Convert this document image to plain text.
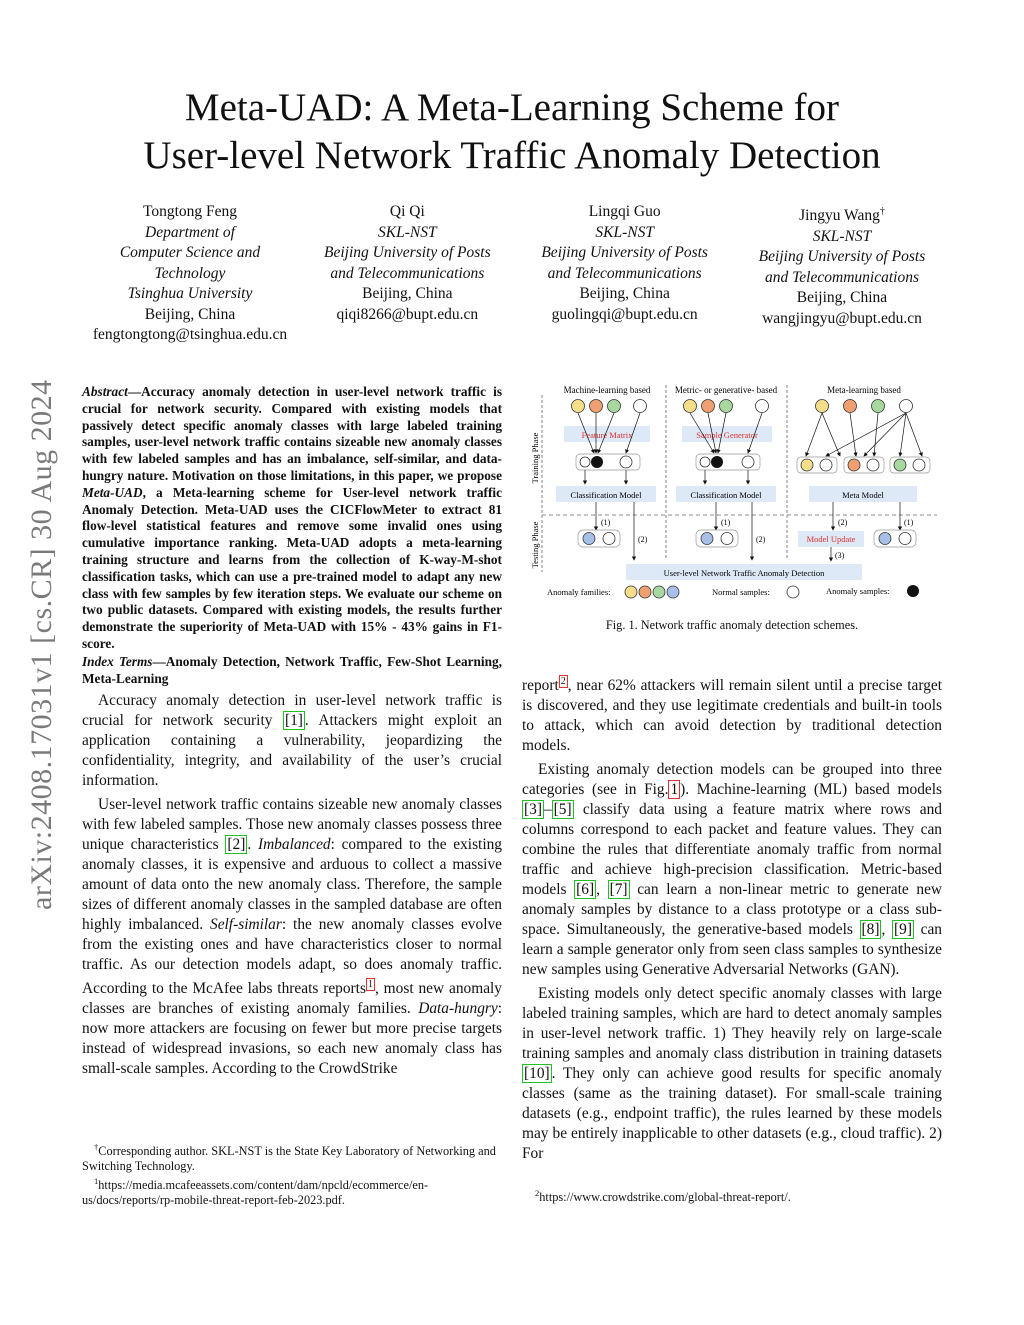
arXiv:2408.17031v1 [cs.CR] 30 Aug 2024
Meta-UAD: A Meta-Learning Scheme for
User-level Network Traffic Anomaly Detection
Tongtong Feng
Department of
Computer Science and Technology
Tsinghua University
Beijing, China
fengtongtong@tsinghua.edu.cn
Qi Qi
SKL-NST
Beijing University of Posts
and Telecommunications
Beijing, China
qiqi8266@bupt.edu.cn
Lingqi Guo
SKL-NST
Beijing University of Posts
and Telecommunications
Beijing, China
guolingqi@bupt.edu.cn
Jingyu Wang†
SKL-NST
Beijing University of Posts
and Telecommunications
Beijing, China
wangjingyu@bupt.edu.cn

Abstract—Accuracy anomaly detection in user-level network traffic is crucial for network security. Compared with existing models that passively detect specific anomaly classes with large labeled training samples, user-level network traffic contains sizeable new anomaly classes with few labeled samples and has an imbalance, self-similar, and data-hungry nature. Motivation on those limitations, in this paper, we propose Meta-UAD, a Meta-learning scheme for User-level network traffic Anomaly Detection. Meta-UAD uses the CICFlowMeter to extract 81 flow-level statistical features and remove some invalid ones using cumulative importance ranking. Meta-UAD adopts a meta-learning training structure and learns from the collection of K-way-M-shot classification tasks, which can use a pre-trained model to adapt any new class with few samples by few iteration steps. We evaluate our scheme on two public datasets. Compared with existing models, the results further demonstrate the superiority of Meta-UAD with 15% - 43% gains in F1-score.

Index Terms—Anomaly Detection, Network Traffic, Few-Shot Learning, Meta-Learning

Accuracy anomaly detection in user-level network traffic is crucial for network security [1] . Attackers might exploit an application containing a vulnerability, jeopardizing the confidentiality, integrity, and availability of the user’s crucial information.

User-level network traffic contains sizeable new anomaly classes with few labeled samples. Those new anomaly classes possess three unique characteristics [2] . Imbalanced: compared to the existing anomaly classes, it is expensive and arduous to collect a massive amount of data onto the new anomaly class. Therefore, the sample sizes of different anomaly classes in the sampled database are often highly imbalanced. Self-similar: the new anomaly classes evolve from the existing ones and have characteristics closer to normal traffic. As our detection models adapt, so does anomaly traffic. According to the McAfee labs threats reports $^1$ , most new anomaly classes are branches of existing anomaly families. Data-hungry: now more attackers are focusing on fewer but more precise targets instead of widespread invasions, so each new anomaly class has small-scale samples. According to the CrowdStrike

†Corresponding author. SKL-NST is the State Key Laboratory of Networking and Switching Technology.

$^1$https://media.mcafeeassets.com/content/dam/npcld/ecommerce/en-us/docs/reports/rp-mobile-threat-report-feb-2023.pdf.

Machine-learning based	Metric- or generative- based	Meta-learning based
Training Phase
Testing Phase
Feature Matrix
Classification Model
(1)
(2)
Sample Generator
Classification Model
(1)
(2)
Meta Model
(2)	(1)
Model Update
(3)
User-level Network Traffic Anomaly Detection
Anomaly families:	Normal samples:	Anomaly samples:
Fig. 1. Network traffic anomaly detection schemes.

report $^2$ , near 62% attackers will remain silent until a precise target is discovered, and they use legitimate credentials and built-in tools to attack, which can avoid detection by traditional detection models.

Existing anomaly detection models can be grouped into three categories (see in Fig. 1 ). Machine-learning (ML) based models [3] – [5] classify data using a feature matrix where rows and columns correspond to each packet and feature values. They can combine the rules that differentiate anomaly traffic from normal traffic and achieve high-precision classification. Metric-based models [6] , [7] can learn a non-linear metric to generate new anomaly samples by distance to a class prototype or a class sub-space. Simultaneously, the generative-based models [8] , [9] can learn a sample generator only from seen class samples to synthesize new samples using Generative Adversarial Networks (GAN).

Existing models only detect specific anomaly classes with large labeled training samples, which are hard to detect anomaly samples in user-level network traffic. 1) They heavily rely on large-scale training samples and anomaly class distribution in training datasets [10] . They only can achieve good results for specific anomaly classes (same as the training dataset). For small-scale training datasets (e.g., endpoint traffic), the rules learned by these models may be entirely inapplicable to other datasets (e.g., cloud traffic). 2) For

$^2$https://www.crowdstrike.com/global-threat-report/.
